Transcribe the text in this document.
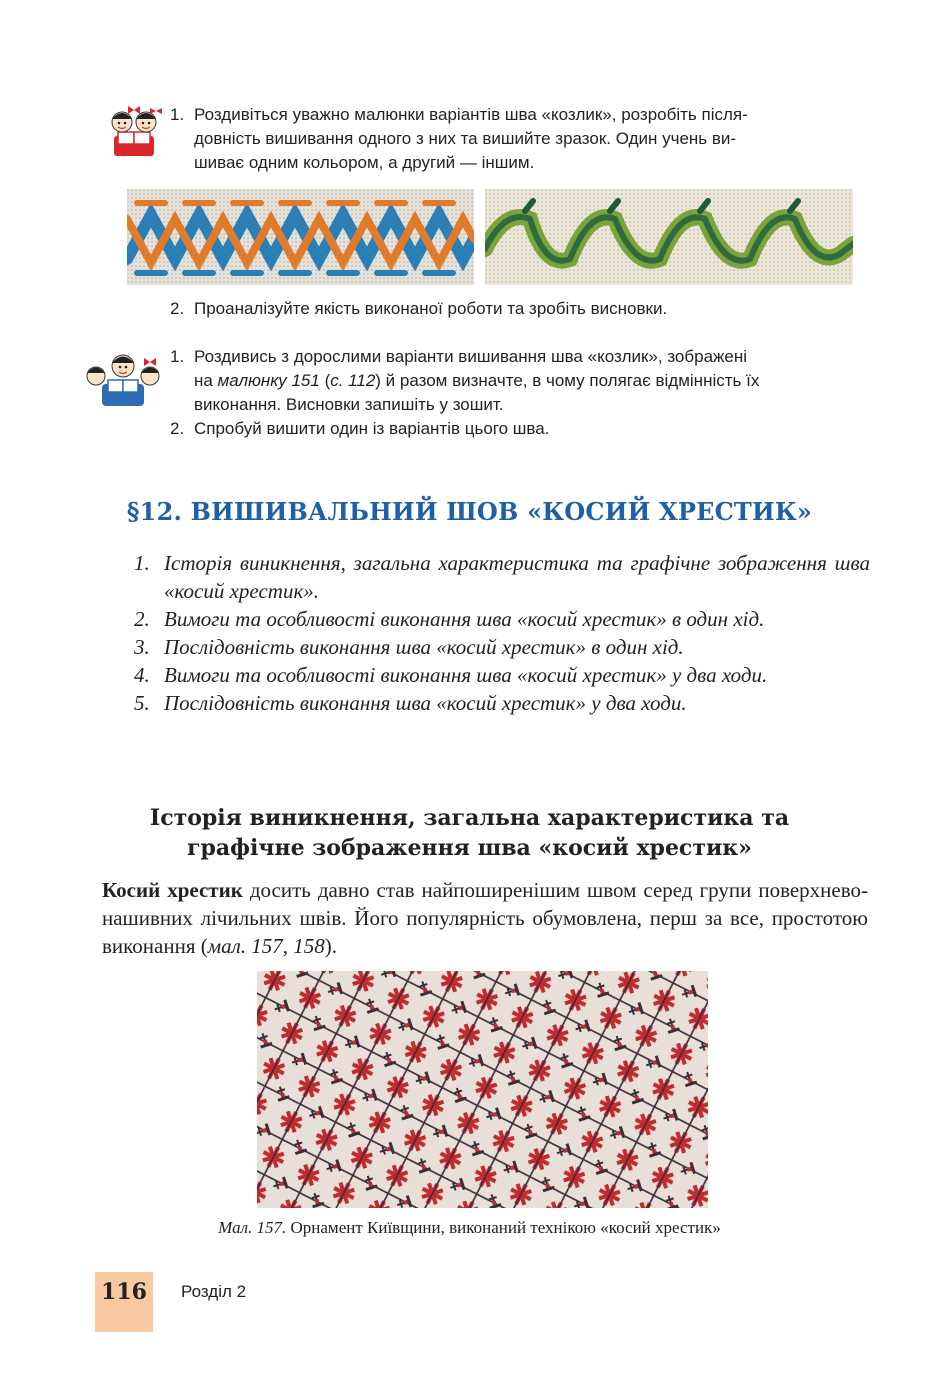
1. Роздивіться уважно малюнки варіантів шва «козлик», розробіть після-
довність вишивання одного з них та вишийте зразок. Один учень ви-
шиває одним кольором, а другий — іншим.
2. Проаналізуйте якість виконаної роботи та зробіть висновки.
1. Роздивись з дорослими варіанти вишивання шва «козлик», зображені
на малюнку 151 (с. 112) й разом визначте, в чому полягає відмінність їх
виконання. Висновки запишіть у зошит.
2. Спробуй вишити один із варіантів цього шва.
§12. ВИШИВАЛЬНИЙ ШОВ «КОСИЙ ХРЕСТИК»
1. Історія виникнення, загальна характеристика та графічне зображення шва «косий хрестик».
2. Вимоги та особливості виконання шва «косий хрестик» в один хід.
3. Послідовність виконання шва «косий хрестик» в один хід.
4. Вимоги та особливості виконання шва «косий хрестик» у два ходи.
5. Послідовність виконання шва «косий хрестик» у два ходи.
Історія виникнення, загальна характеристика та
графічне зображення шва «косий хрестик»
Косий хрестик досить давно став найпоширенішим швом серед групи поверхнево-нашивних лічильних швів. Його популярність обумовлена, перш за все, простотою виконання (мал. 157, 158).
Мал. 157. Орнамент Київщини, виконаний технікою «косий хрестик»
116	Розділ 2
